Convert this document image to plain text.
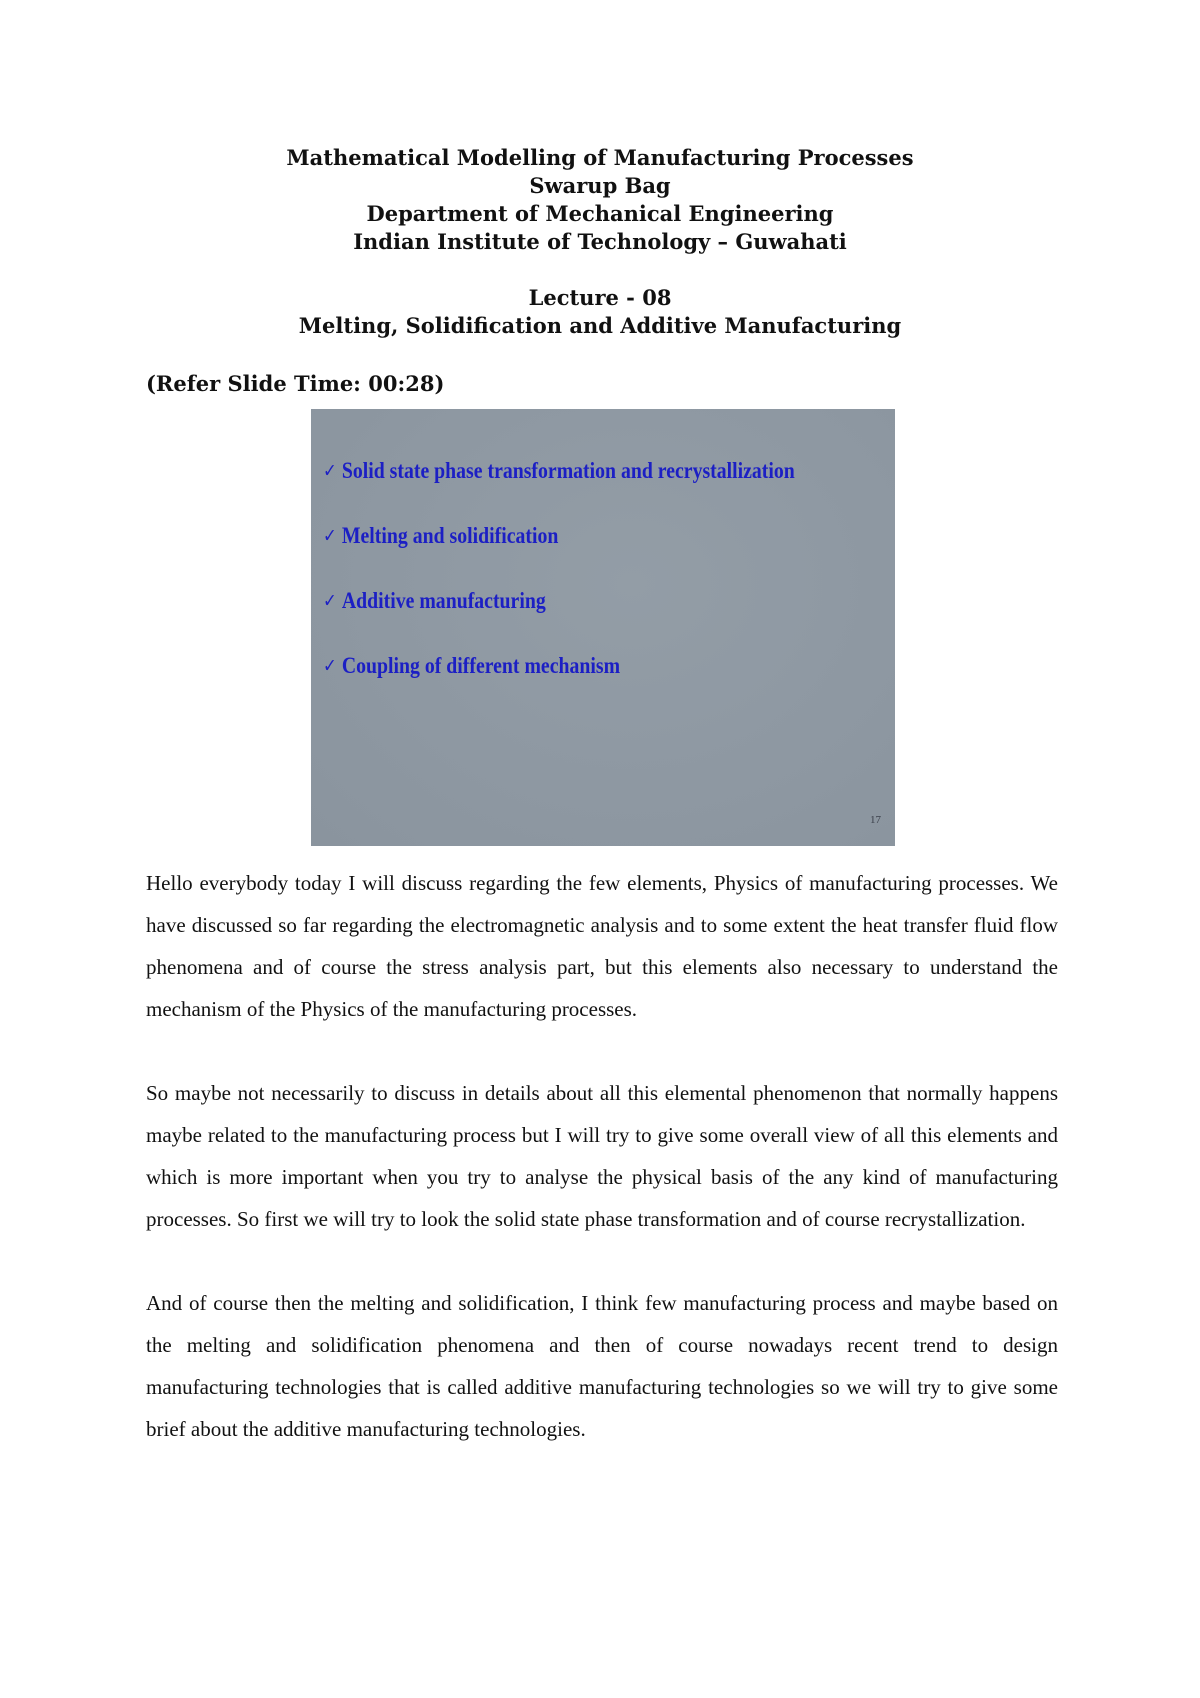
Mathematical Modelling of Manufacturing Processes
Swarup Bag
Department of Mechanical Engineering
Indian Institute of Technology – Guwahati
Lecture - 08
Melting, Solidification and Additive Manufacturing
(Refer Slide Time: 00:28)
✓ Solid state phase transformation and recrystallization
✓ Melting and solidification
✓ Additive manufacturing
✓ Coupling of different mechanism
17

Hello everybody today I will discuss regarding the few elements, Physics of manufacturing processes. We have discussed so far regarding the electromagnetic analysis and to some extent the heat transfer fluid flow phenomena and of course the stress analysis part, but this elements also necessary to understand the mechanism of the Physics of the manufacturing processes.

So maybe not necessarily to discuss in details about all this elemental phenomenon that normally happens maybe related to the manufacturing process but I will try to give some overall view of all this elements and which is more important when you try to analyse the physical basis of the any kind of manufacturing processes. So first we will try to look the solid state phase transformation and of course recrystallization.

And of course then the melting and solidification, I think few manufacturing process and maybe based on the melting and solidification phenomena and then of course nowadays recent trend to design manufacturing technologies that is called additive manufacturing technologies so we will try to give some brief about the additive manufacturing technologies.
